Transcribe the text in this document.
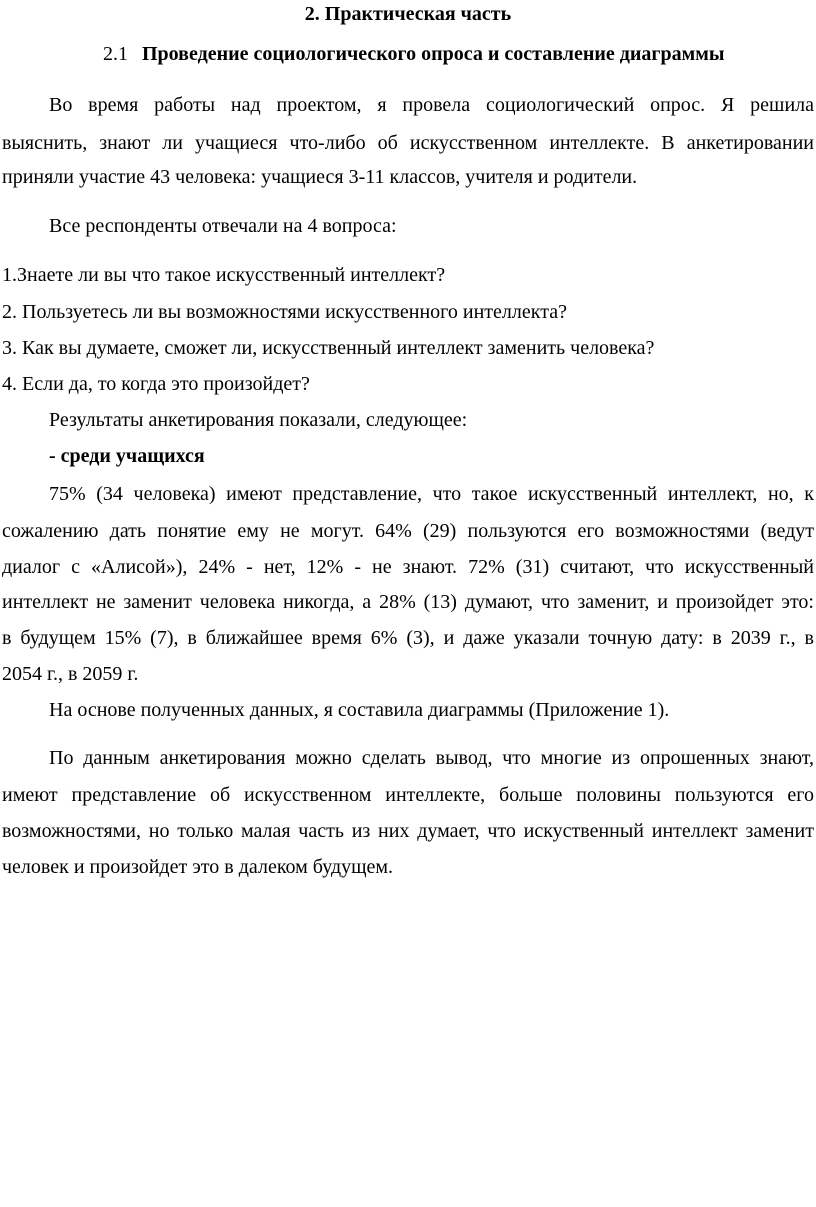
2. Практическая часть
2.1 Проведение социологического опроса и составление диаграммы
Во время работы над проектом, я провела социологический опрос. Я решила
выяснить, знают ли учащиеся что-либо об искусственном интеллекте. В анкетировании
приняли участие 43 человека: учащиеся 3-11 классов, учителя и родители.
Все респонденты отвечали на 4 вопроса:
1.Знаете ли вы что такое искусственный интеллект?
2. Пользуетесь ли вы возможностями искусственного интеллекта?
3. Как вы думаете, сможет ли, искусственный интеллект заменить человека?
4. Если да, то когда это произойдет?
Результаты анкетирования показали, следующее:
- среди учащихся
75% (34 человека) имеют представление, что такое искусственный интеллект, но, к
сожалению дать понятие ему не могут. 64% (29) пользуются его возможностями (ведут
диалог с «Алисой»), 24% - нет, 12% - не знают. 72% (31) считают, что искусственный
интеллект не заменит человека никогда, а 28% (13) думают, что заменит, и произойдет это:
в будущем 15% (7), в ближайшее время 6% (3), и даже указали точную дату: в 2039 г., в
2054 г., в 2059 г.
На основе полученных данных, я составила диаграммы (Приложение 1).
По данным анкетирования можно сделать вывод, что многие из опрошенных знают,
имеют представление об искусственном интеллекте, больше половины пользуются его
возможностями, но только малая часть из них думает, что искуственный интеллект заменит
человек и произойдет это в далеком будущем.
